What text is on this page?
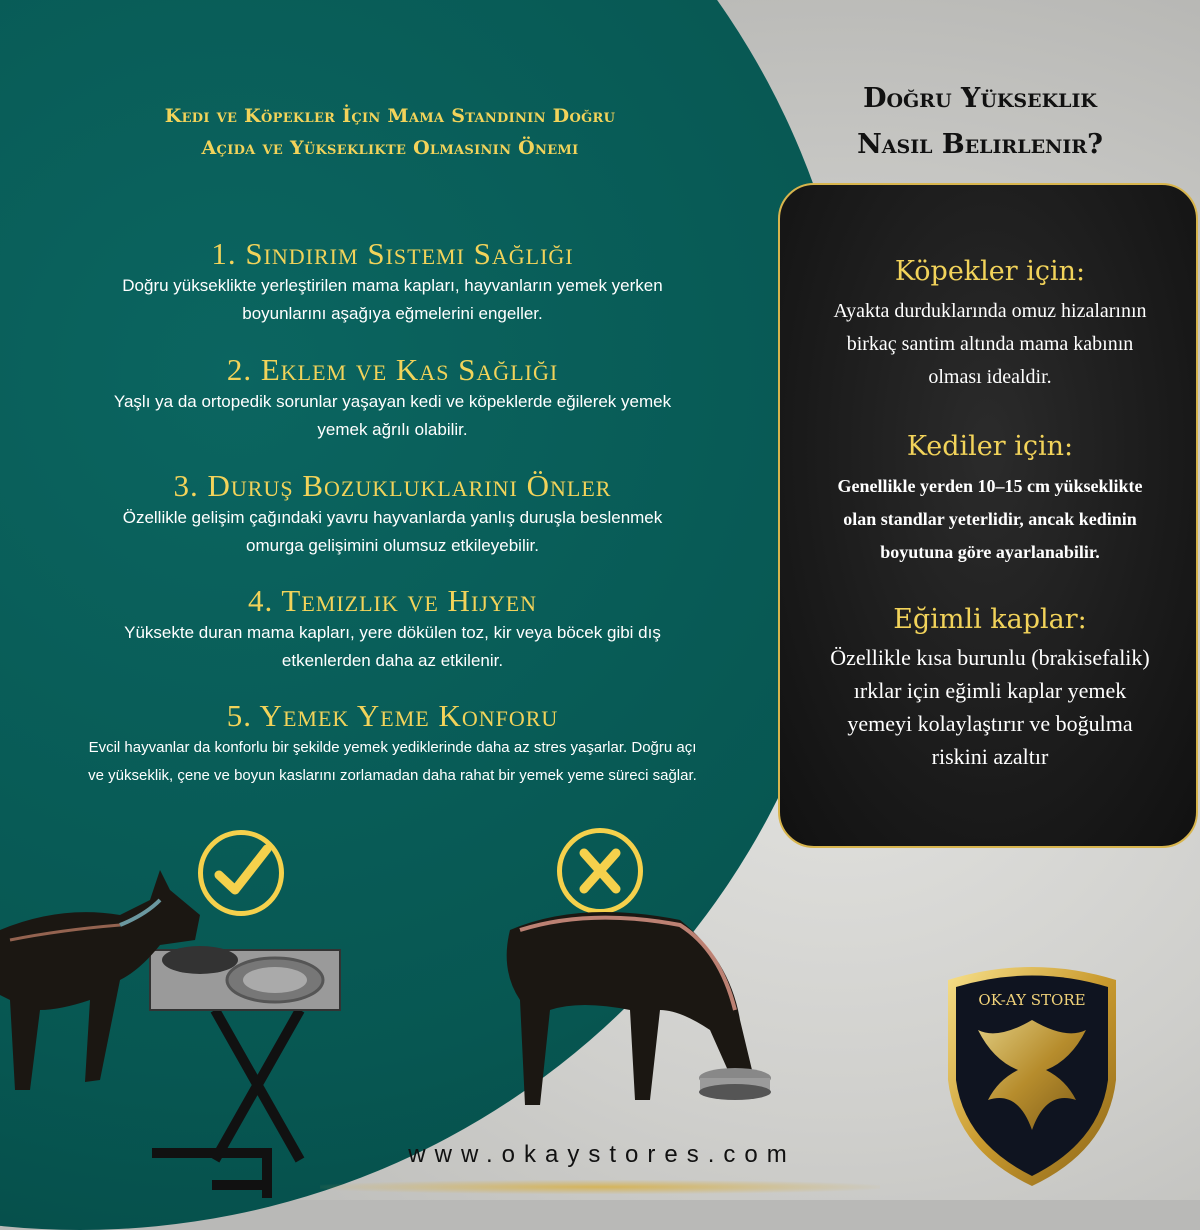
Kedi ve Köpekler İçin Mama Standının Doğru
Açıda ve Yükseklikte Olmasının Önemi
1. Sindirim Sistemi Sağlığı
Doğru yükseklikte yerleştirilen mama kapları, hayvanların yemek yerken
boyunlarını aşağıya eğmelerini engeller.
2. Eklem ve Kas Sağlığı
Yaşlı ya da ortopedik sorunlar yaşayan kedi ve köpeklerde eğilerek yemek
yemek ağrılı olabilir.
3. Duruş Bozukluklarını Önler
Özellikle gelişim çağındaki yavru hayvanlarda yanlış duruşla beslenmek
omurga gelişimini olumsuz etkileyebilir.
4. Temizlik ve Hijyen
Yüksekte duran mama kapları, yere dökülen toz, kir veya böcek gibi dış
etkenlerden daha az etkilenir.
5. Yemek Yeme Konforu
Evcil hayvanlar da konforlu bir şekilde yemek yediklerinde daha az stres yaşarlar. Doğru açı
ve yükseklik, çene ve boyun kaslarını zorlamadan daha rahat bir yemek yeme süreci sağlar.
Doğru Yükseklik
Nasıl Belirlenir?
Köpekler için:
Ayakta durduklarında omuz hizalarının
birkaç santim altında mama kabının
olması idealdir.
Kediler için:
Genellikle yerden 10–15 cm yükseklikte
olan standlar yeterlidir, ancak kedinin
boyutuna göre ayarlanabilir.
Eğimli kaplar:
Özellikle kısa burunlu (brakisefalik)
ırklar için eğimli kaplar yemek
yemeyi kolaylaştırır ve boğulma
riskini azaltır
www.okaystores.com
OK-AY STORE
